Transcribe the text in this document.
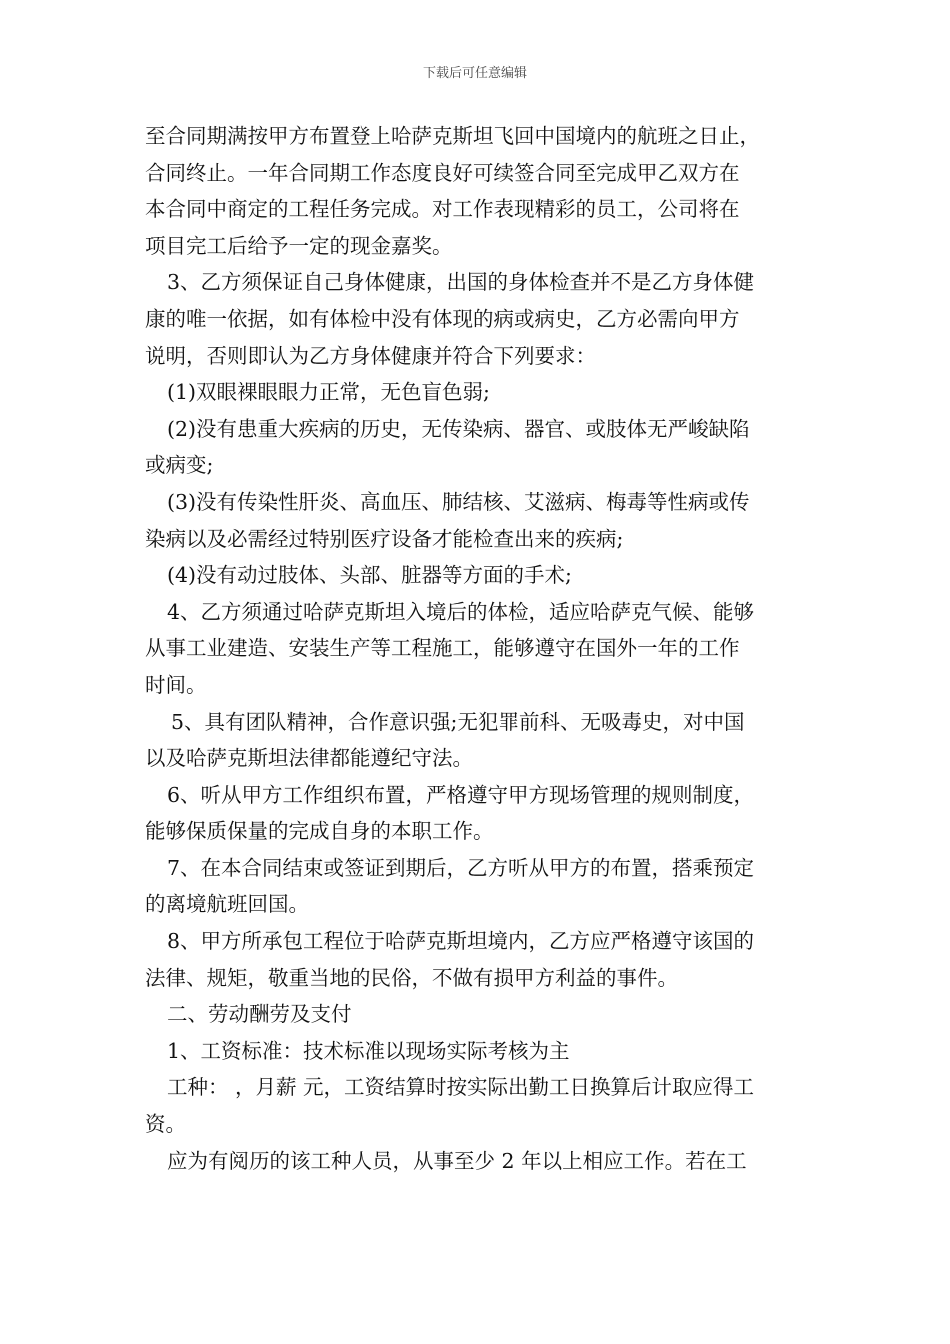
下载后可任意编辑
至合同期满按甲方布置登上哈萨克斯坦飞回中国境内的航班之日止，
合同终止。一年合同期工作态度良好可续签合同至完成甲乙双方在
本合同中商定的工程任务完成。对工作表现精彩的员工，公司将在
项目完工后给予一定的现金嘉奖。
3、乙方须保证自己身体健康，出国的身体检查并不是乙方身体健
康的唯一依据，如有体检中没有体现的病或病史，乙方必需向甲方
说明，否则即认为乙方身体健康并符合下列要求：
(1)双眼裸眼眼力正常，无色盲色弱;
(2)没有患重大疾病的历史，无传染病、器官、或肢体无严峻缺陷
或病变;
(3)没有传染性肝炎、高血压、肺结核、艾滋病、梅毒等性病或传
染病以及必需经过特别医疗设备才能检查出来的疾病;
(4)没有动过肢体、头部、脏器等方面的手术;
4、乙方须通过哈萨克斯坦入境后的体检，适应哈萨克气候、能够
从事工业建造、安装生产等工程施工，能够遵守在国外一年的工作
时间。
5、具有团队精神，合作意识强;无犯罪前科、无吸毒史，对中国
以及哈萨克斯坦法律都能遵纪守法。
6、听从甲方工作组织布置，严格遵守甲方现场管理的规则制度，
能够保质保量的完成自身的本职工作。
7、在本合同结束或签证到期后，乙方听从甲方的布置，搭乘预定
的离境航班回国。
8、甲方所承包工程位于哈萨克斯坦境内，乙方应严格遵守该国的
法律、规矩，敬重当地的民俗，不做有损甲方利益的事件。
二、劳动酬劳及支付
1、工资标准：技术标准以现场实际考核为主
工种： ，月薪 元，工资结算时按实际出勤工日换算后计取应得工
资。
应为有阅历的该工种人员，从事至少 2 年以上相应工作。若在工
